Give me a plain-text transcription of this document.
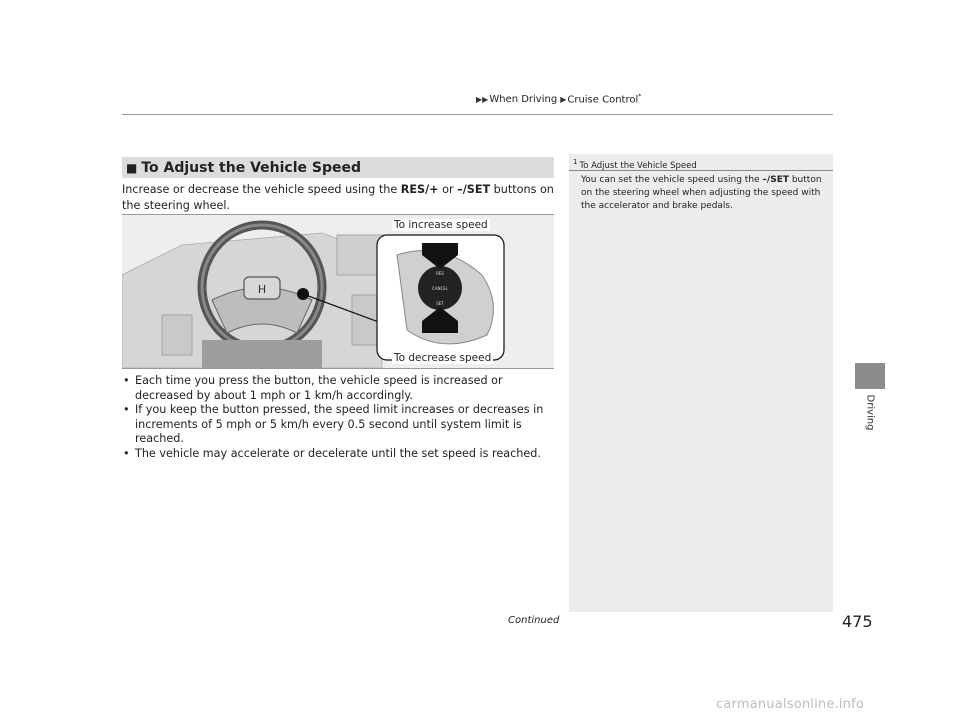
▶▶ When Driving ▶ Cruise Control*
Driving
■ To Adjust the Vehicle Speed
Increase or decrease the vehicle speed using the RES/+ or –/SET buttons on the steering wheel.
H
RES
CANCEL
SET
To increase speed
To decrease speed
• Each time you press the button, the vehicle speed is increased or decreased by about 1 mph or 1 km/h accordingly.
• If you keep the button pressed, the speed limit increases or decreases in increments of 5 mph or 5 km/h every 0.5 second until system limit is reached.
• The vehicle may accelerate or decelerate until the set speed is reached.
$^1$ To Adjust the Vehicle Speed
You can set the vehicle speed using the –/SET button on the steering wheel when adjusting the speed with the accelerator and brake pedals.
Continued	475
carmanualsonline.info
